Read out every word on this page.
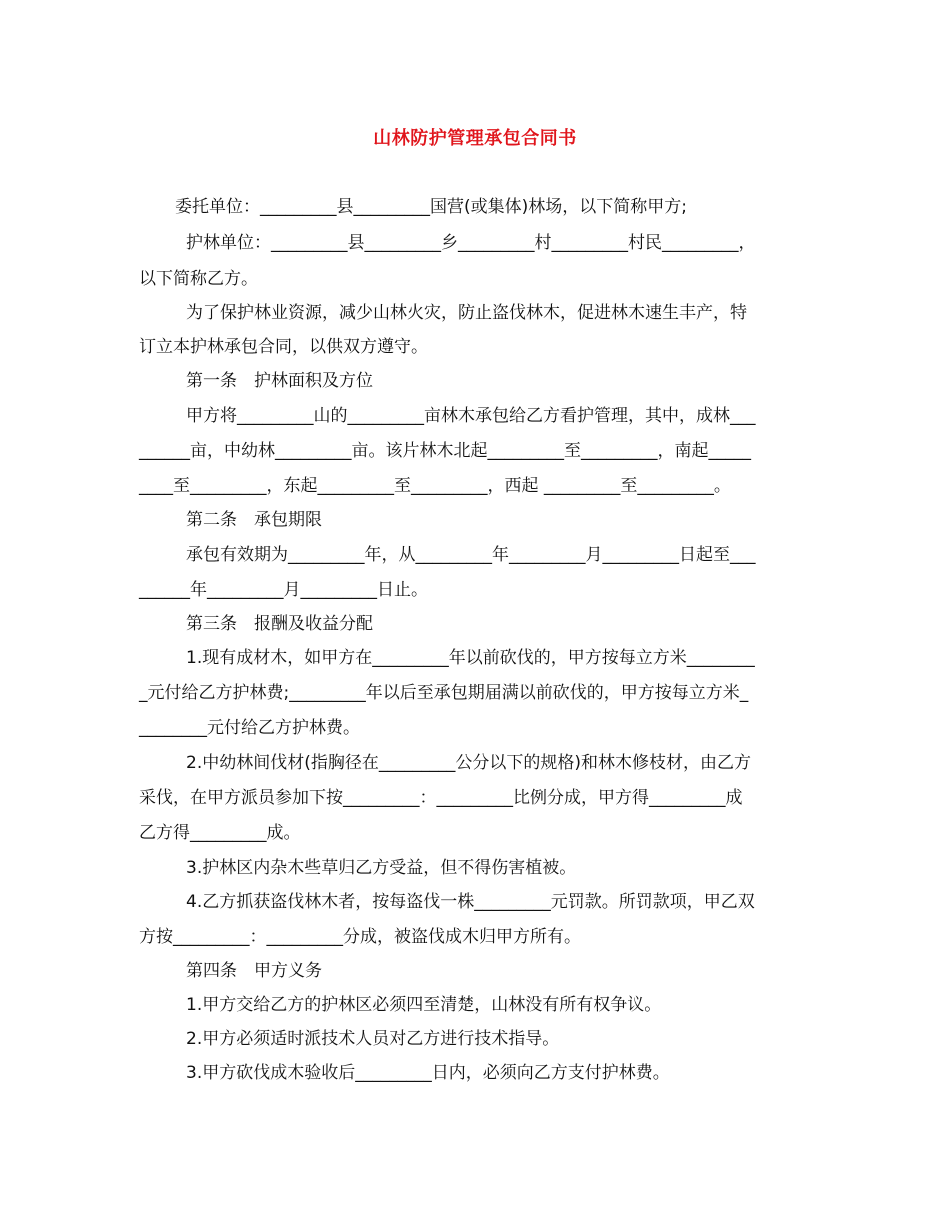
山林防护管理承包合同书
委托单位：_________县_________国营(或集体)林场，以下简称甲方;
护林单位：_________县_________乡_________村_________村民_________，
以下简称乙方。
为了保护林业资源，减少山林火灾，防止盗伐林木，促进林木速生丰产，特
订立本护林承包合同，以供双方遵守。
第一条　护林面积及方位
甲方将_________山的_________亩林木承包给乙方看护管理，其中，成林___
______亩，中幼林_________亩。该片林木北起_________至_________，南起_____
____至_________，东起_________至_________，西起 _________至_________。
第二条　承包期限
承包有效期为_________年，从_________年_________月_________日起至___
______年_________月_________日止。
第三条　报酬及收益分配
1.现有成材木，如甲方在_________年以前砍伐的，甲方按每立方米________
_元付给乙方护林费;_________年以后至承包期届满以前砍伐的，甲方按每立方米_
________元付给乙方护林费。
2.中幼林间伐材(指胸径在_________公分以下的规格)和林木修枝材，由乙方
采伐，在甲方派员参加下按_________：_________比例分成，甲方得_________成
乙方得_________成。
3.护林区内杂木些草归乙方受益，但不得伤害植被。
4.乙方抓获盗伐林木者，按每盗伐一株_________元罚款。所罚款项，甲乙双
方按_________：_________分成，被盗伐成木归甲方所有。
第四条　甲方义务
1.甲方交给乙方的护林区必须四至清楚，山林没有所有权争议。
2.甲方必须适时派技术人员对乙方进行技术指导。
3.甲方砍伐成木验收后_________日内，必须向乙方支付护林费。
